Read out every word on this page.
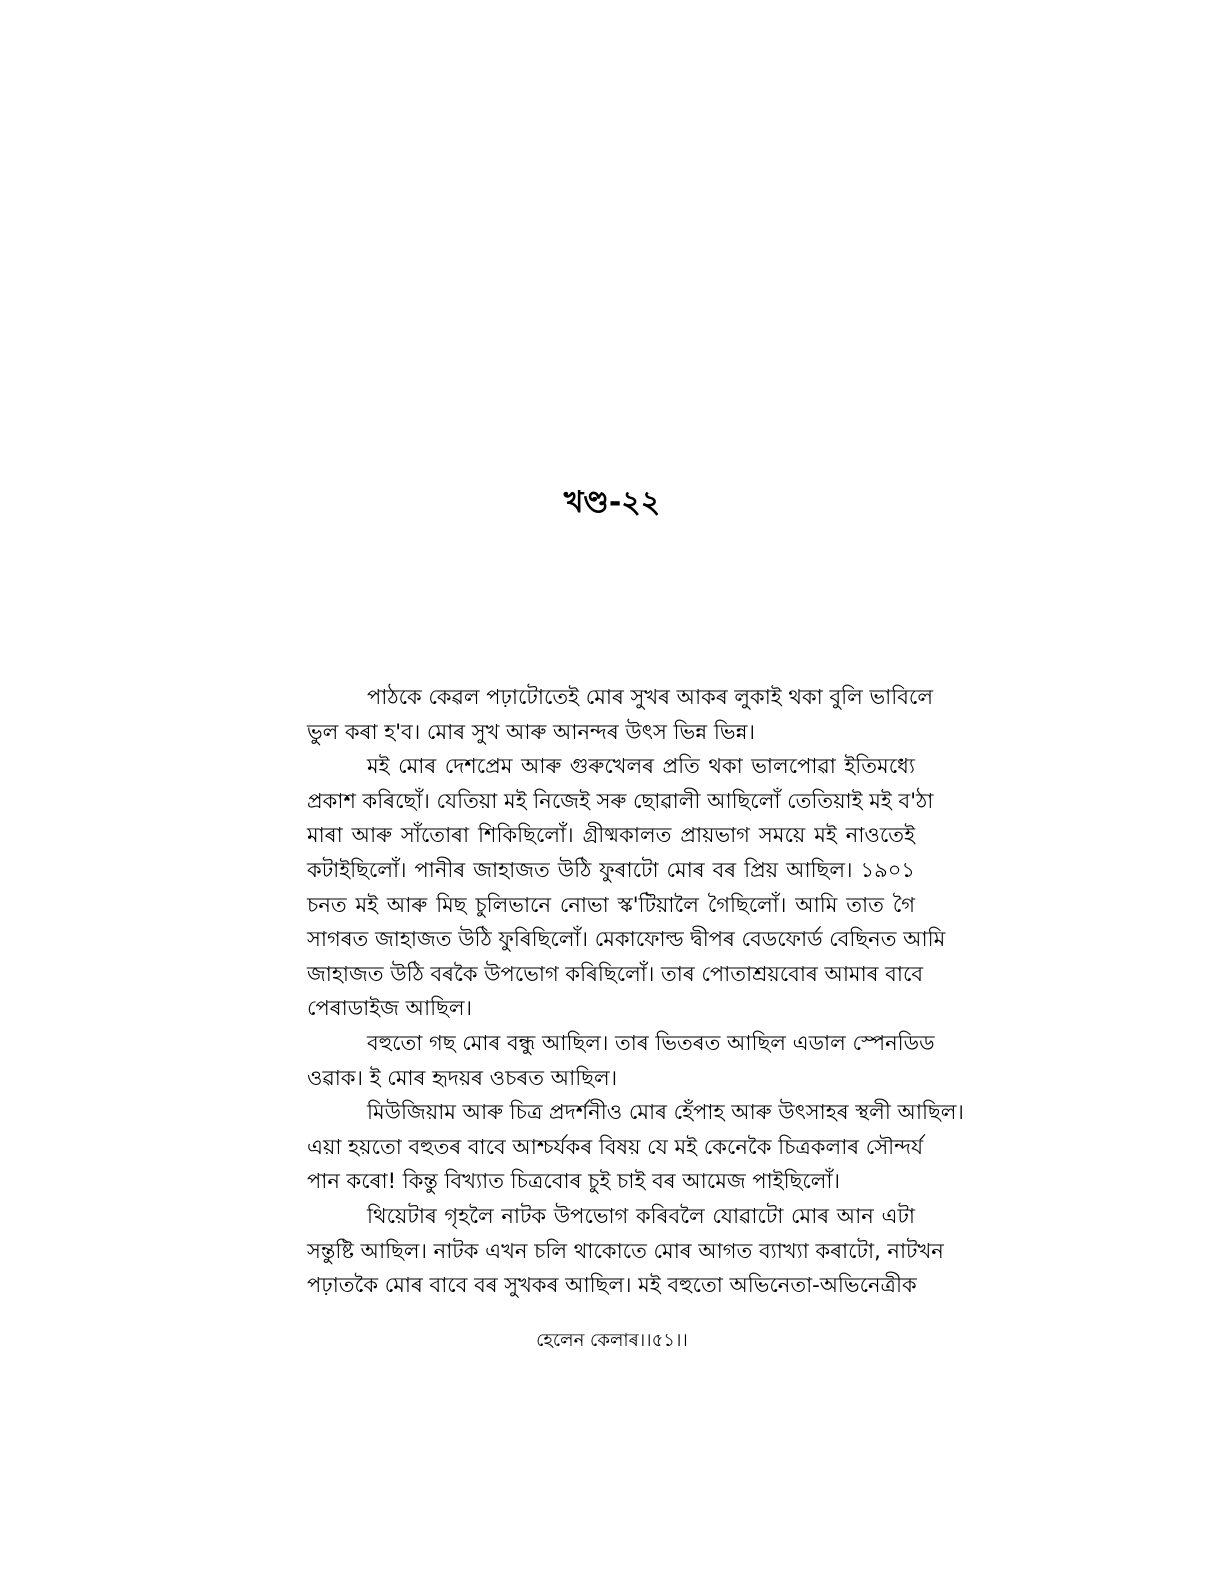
খণ্ড-২২
পাঠকে কেৱল পঢ়াটোতেই মোৰ সুখৰ আকৰ লুকাই থকা বুলি ভাবিলে
ভুল কৰা হ'ব। মোৰ সুখ আৰু আনন্দৰ উৎস ভিন্ন ভিন্ন।
মই মোৰ দেশপ্ৰেম আৰু গুৰুখেলৰ প্ৰতি থকা ভালপোৱা ইতিমধ্যে
প্ৰকাশ কৰিছোঁ। যেতিয়া মই নিজেই সৰু ছোৱালী আছিলোঁ তেতিয়াই মই ব'ঠা
মাৰা আৰু সাঁতোৰা শিকিছিলোঁ। গ্ৰীষ্মকালত প্ৰায়ভাগ সময়ে মই নাওতেই
কটাইছিলোঁ। পানীৰ জাহাজত উঠি ফুৰাটো মোৰ বৰ প্ৰিয় আছিল। ১৯০১
চনত মই আৰু মিছ চুলিভানে নোভা স্ক'টিয়ালৈ গৈছিলোঁ। আমি তাত গৈ
সাগৰত জাহাজত উঠি ফুৰিছিলোঁ। মেকাফোল্ড দ্বীপৰ বেডফোৰ্ড বেছিনত আমি
জাহাজত উঠি বৰকৈ উপভোগ কৰিছিলোঁ। তাৰ পোতাশ্ৰয়বোৰ আমাৰ বাবে
পেৰাডাইজ আছিল।
বহুতো গছ মোৰ বন্ধু আছিল। তাৰ ভিতৰত আছিল এডাল স্পেনডিড
ওৱাক। ই মোৰ হৃদয়ৰ ওচৰত আছিল।
মিউজিয়াম আৰু চিত্ৰ প্ৰদৰ্শনীও মোৰ হেঁপাহ আৰু উৎসাহৰ স্থলী আছিল।
এয়া হয়তো বহুতৰ বাবে আশ্চৰ্যকৰ বিষয় যে মই কেনেকৈ চিত্ৰকলাৰ সৌন্দৰ্য
পান কৰো! কিন্তু বিখ্যাত চিত্ৰবোৰ চুই চাই বৰ আমেজ পাইছিলোঁ।
থিয়েটাৰ গৃহলৈ নাটক উপভোগ কৰিবলৈ যোৱাটো মোৰ আন এটা
সন্তুষ্টি আছিল। নাটক এখন চলি থাকোতে মোৰ আগত ব্যাখ্যা কৰাটো, নাটখন
পঢ়াতকৈ মোৰ বাবে বৰ সুখকৰ আছিল। মই বহুতো অভিনেতা-অভিনেত্ৰীক
হেলেন কেলাৰ।।৫১।।
